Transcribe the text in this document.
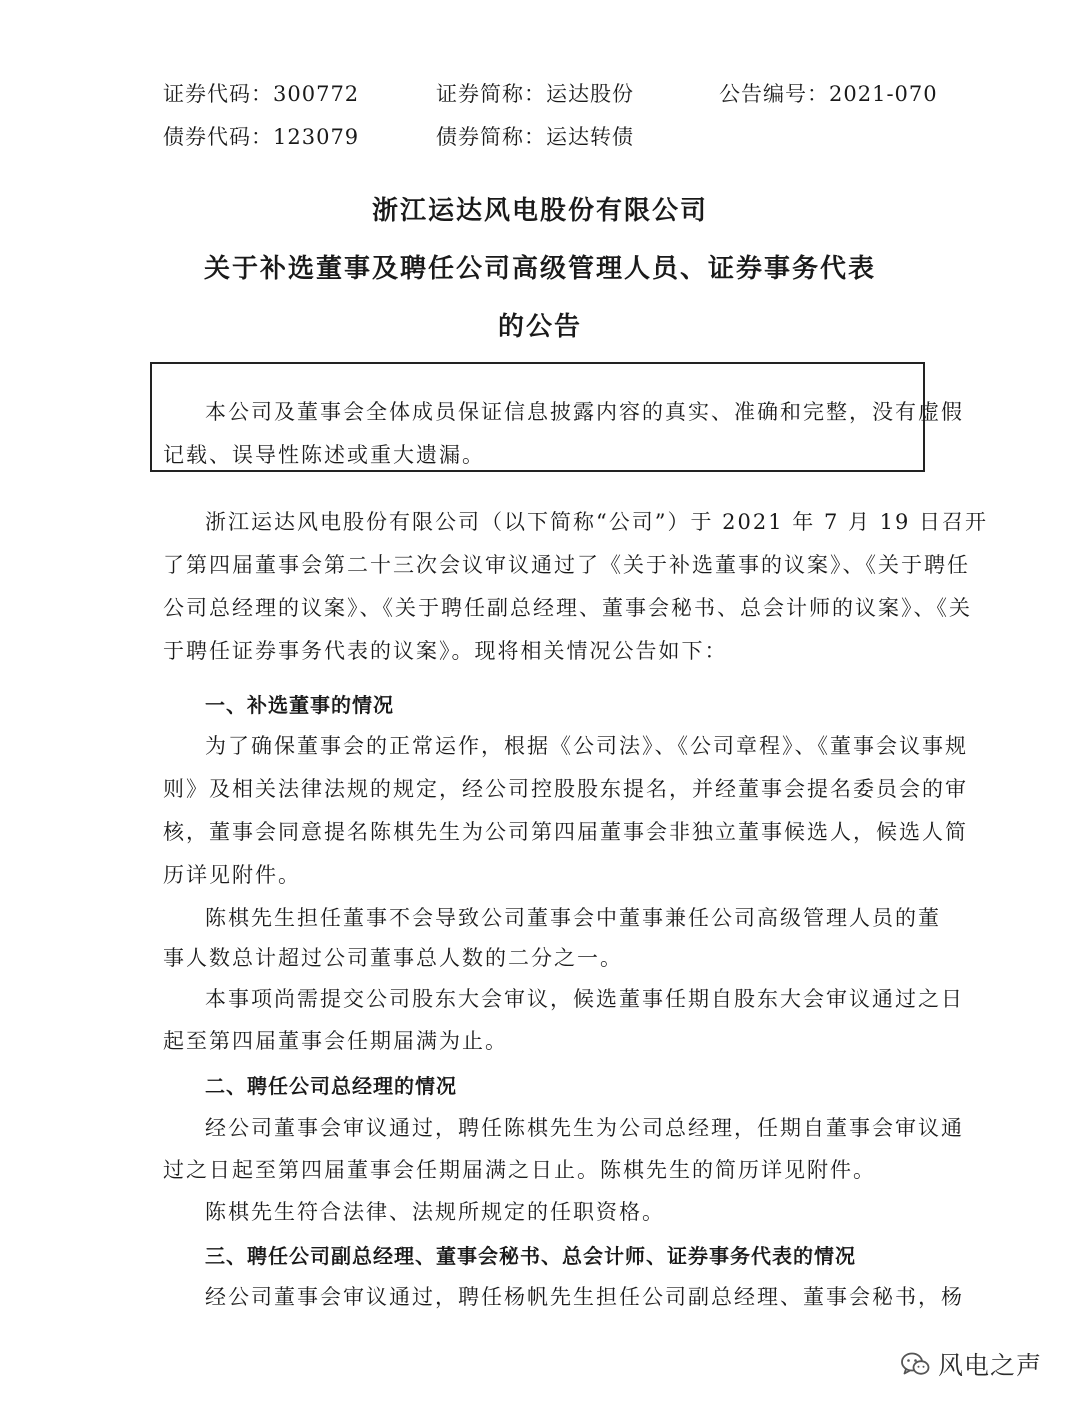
证券代码：300772	证券简称：运达股份	公告编号：2021-070
债券代码：123079	债券简称：运达转债
浙江运达风电股份有限公司
关于补选董事及聘任公司高级管理人员、证券事务代表
的公告
本公司及董事会全体成员保证信息披露内容的真实、准确和完整，没有虚假
记载、误导性陈述或重大遗漏。
浙江运达风电股份有限公司（以下简称“公司”）于 2021 年 7 月 19 日召开
了第四届董事会第二十三次会议审议通过了《关于补选董事的议案》、《关于聘任
公司总经理的议案》、《关于聘任副总经理、董事会秘书、总会计师的议案》、《关
于聘任证券事务代表的议案》。现将相关情况公告如下：
一、补选董事的情况
为了确保董事会的正常运作，根据《公司法》、《公司章程》、《董事会议事规
则》及相关法律法规的规定，经公司控股股东提名，并经董事会提名委员会的审
核，董事会同意提名陈棋先生为公司第四届董事会非独立董事候选人，候选人简
历详见附件。
陈棋先生担任董事不会导致公司董事会中董事兼任公司高级管理人员的董
事人数总计超过公司董事总人数的二分之一。
本事项尚需提交公司股东大会审议，候选董事任期自股东大会审议通过之日
起至第四届董事会任期届满为止。
二、聘任公司总经理的情况
经公司董事会审议通过，聘任陈棋先生为公司总经理，任期自董事会审议通
过之日起至第四届董事会任期届满之日止。陈棋先生的简历详见附件。
陈棋先生符合法律、法规所规定的任职资格。
三、聘任公司副总经理、董事会秘书、总会计师、证券事务代表的情况
经公司董事会审议通过，聘任杨帆先生担任公司副总经理、董事会秘书，杨
风电之声
